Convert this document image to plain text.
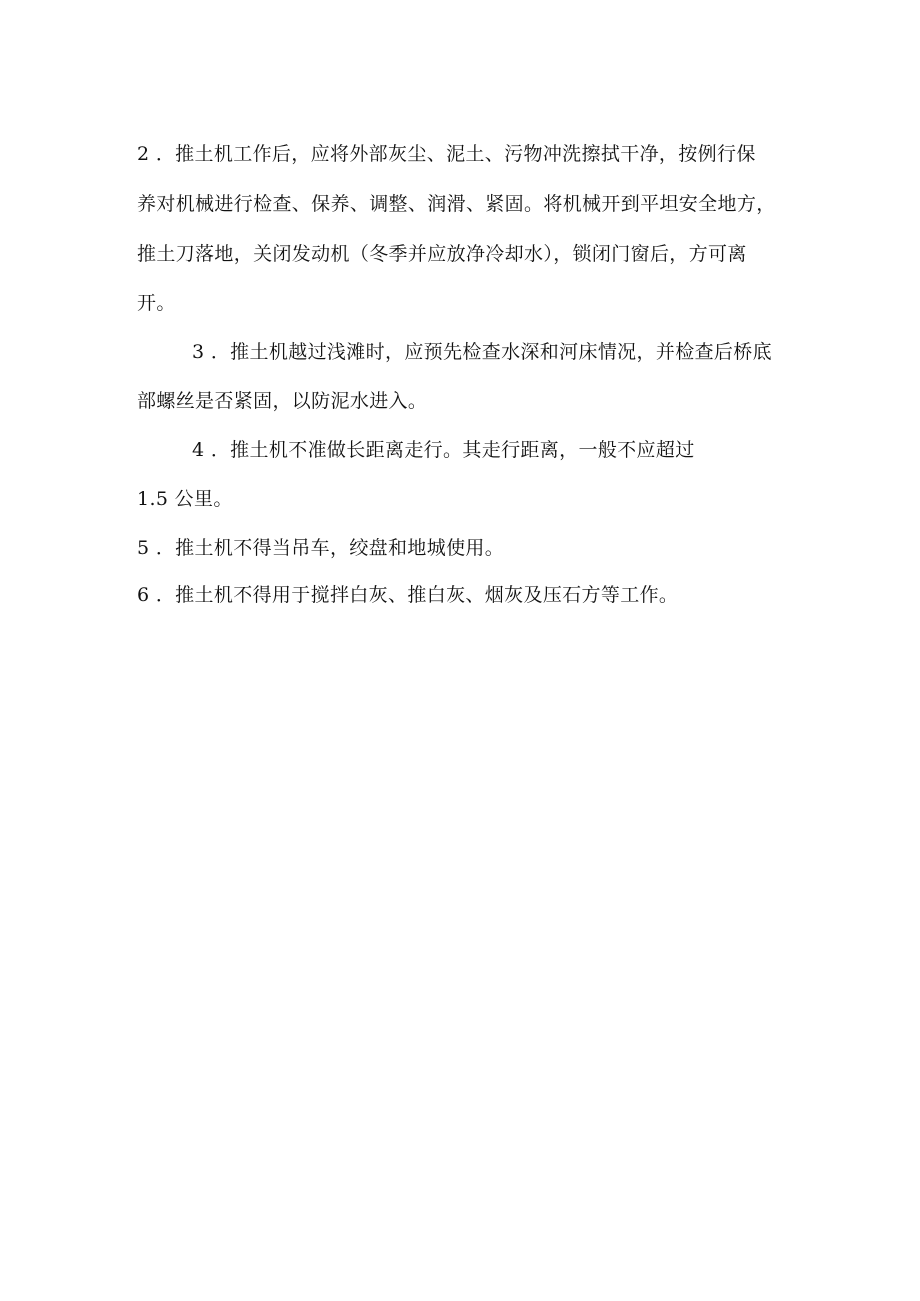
2 ．推土机工作后，应将外部灰尘、泥土、污物冲洗擦拭干净，按例行保
养对机械进行检查、保养、调整、润滑、紧固。将机械开到平坦安全地方，
推土刀落地，关闭发动机（冬季并应放净冷却水），锁闭门窗后，方可离
开。
3 ．推土机越过浅滩时，应预先检查水深和河床情况，并检查后桥底
部螺丝是否紧固，以防泥水进入。
4 ．推土机不准做长距离走行。其走行距离，一般不应超过
1.5 公里。
5 ．推土机不得当吊车，绞盘和地城使用。
6 ．推土机不得用于搅拌白灰、推白灰、烟灰及压石方等工作。
